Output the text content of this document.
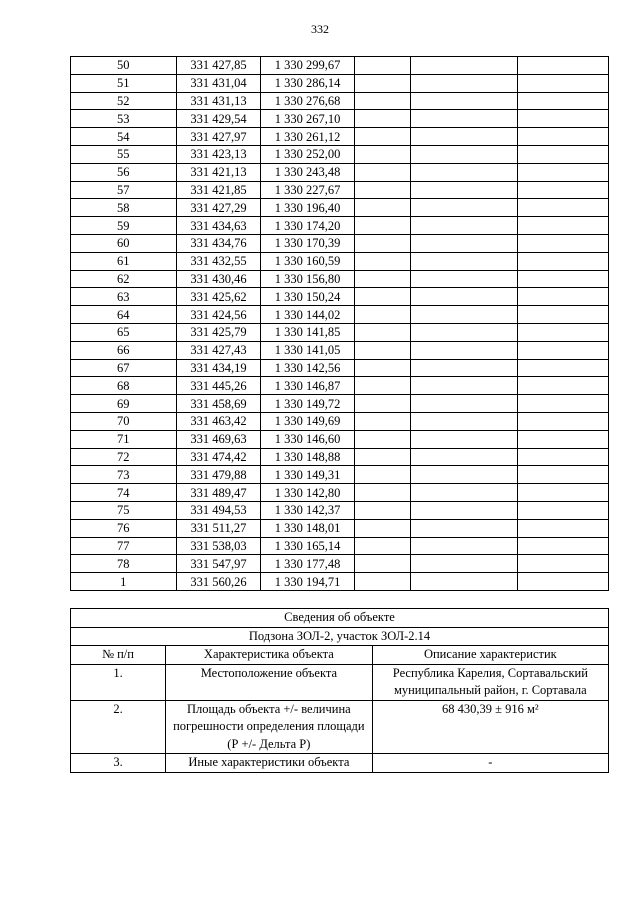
332
50	331 427,85	1 330 299,67			
51	331 431,04	1 330 286,14			
52	331 431,13	1 330 276,68			
53	331 429,54	1 330 267,10			
54	331 427,97	1 330 261,12			
55	331 423,13	1 330 252,00			
56	331 421,13	1 330 243,48			
57	331 421,85	1 330 227,67			
58	331 427,29	1 330 196,40			
59	331 434,63	1 330 174,20			
60	331 434,76	1 330 170,39			
61	331 432,55	1 330 160,59			
62	331 430,46	1 330 156,80			
63	331 425,62	1 330 150,24			
64	331 424,56	1 330 144,02			
65	331 425,79	1 330 141,85			
66	331 427,43	1 330 141,05			
67	331 434,19	1 330 142,56			
68	331 445,26	1 330 146,87			
69	331 458,69	1 330 149,72			
70	331 463,42	1 330 149,69			
71	331 469,63	1 330 146,60			
72	331 474,42	1 330 148,88			
73	331 479,88	1 330 149,31			
74	331 489,47	1 330 142,80			
75	331 494,53	1 330 142,37			
76	331 511,27	1 330 148,01			
77	331 538,03	1 330 165,14			
78	331 547,97	1 330 177,48			
1	331 560,26	1 330 194,71			
Сведения об объекте		
Подзона ЗОЛ-2, участок ЗОЛ-2.14		
№ п/п	Характеристика объекта	Описание характеристик
1.	Местоположение объекта	Республика Карелия, Сортавальский муниципальный район, г. Сортавала
2.	Площадь объекта +/- величина погрешности определения площади (Р +/- Дельта Р)	68 430,39 ± 916 м²
3.	Иные характеристики объекта	-
